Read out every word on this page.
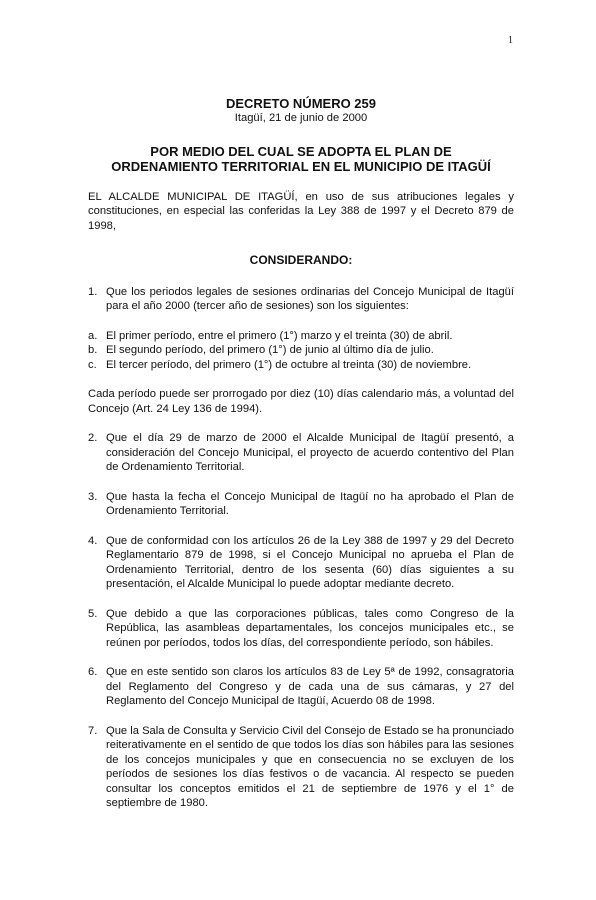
1

DECRETO NÚMERO 259

Itagüí, 21 de junio de 2000

POR MEDIO DEL CUAL SE ADOPTA EL PLAN DE
ORDENAMIENTO TERRITORIAL EN EL MUNICIPIO DE ITAGÜÍ

EL ALCALDE MUNICIPAL DE ITAGÜÍ, en uso de sus atribuciones legales y constituciones, en especial las conferidas la Ley 388 de 1997 y el Decreto 879 de 1998,

CONSIDERANDO:

1. Que los periodos legales de sesiones ordinarias del Concejo Municipal de Itagüí para el año 2000 (tercer año de sesiones) son los siguientes:
a. El primer período, entre el primero (1°) marzo y el treinta (30) de abril.
b. El segundo período, del primero (1°) de junio al último día de julio.
c. El tercer período, del primero (1°) de octubre al treinta (30) de noviembre.

Cada período puede ser prorrogado por diez (10) días calendario más, a voluntad del Concejo (Art. 24 Ley 136 de 1994).

2. Que el día 29 de marzo de 2000 el Alcalde Municipal de Itagüí presentó, a consideración del Concejo Municipal, el proyecto de acuerdo contentivo del Plan de Ordenamiento Territorial.
3. Que hasta la fecha el Concejo Municipal de Itagüí no ha aprobado el Plan de Ordenamiento Territorial.
4. Que de conformidad con los artículos 26 de la Ley 388 de 1997 y 29 del Decreto Reglamentario 879 de 1998, si el Concejo Municipal no aprueba el Plan de Ordenamiento Territorial, dentro de los sesenta (60) días siguientes a su presentación, el Alcalde Municipal lo puede adoptar mediante decreto.
5. Que debido a que las corporaciones públicas, tales como Congreso de la República, las asambleas departamentales, los concejos municipales etc., se reúnen por períodos, todos los días, del correspondiente período, son hábiles.
6. Que en este sentido son claros los artículos 83 de Ley 5ª de 1992, consagratoria del Reglamento del Congreso y de cada una de sus cámaras, y 27 del Reglamento del Concejo Municipal de Itagüí, Acuerdo 08 de 1998.
7. Que la Sala de Consulta y Servicio Civil del Consejo de Estado se ha pronunciado reiterativamente en el sentido de que todos los días son hábiles para las sesiones de los concejos municipales y que en consecuencia no se excluyen de los períodos de sesiones los días festivos o de vacancia. Al respecto se pueden consultar los conceptos emitidos el 21 de septiembre de 1976 y el 1° de septiembre de 1980.
